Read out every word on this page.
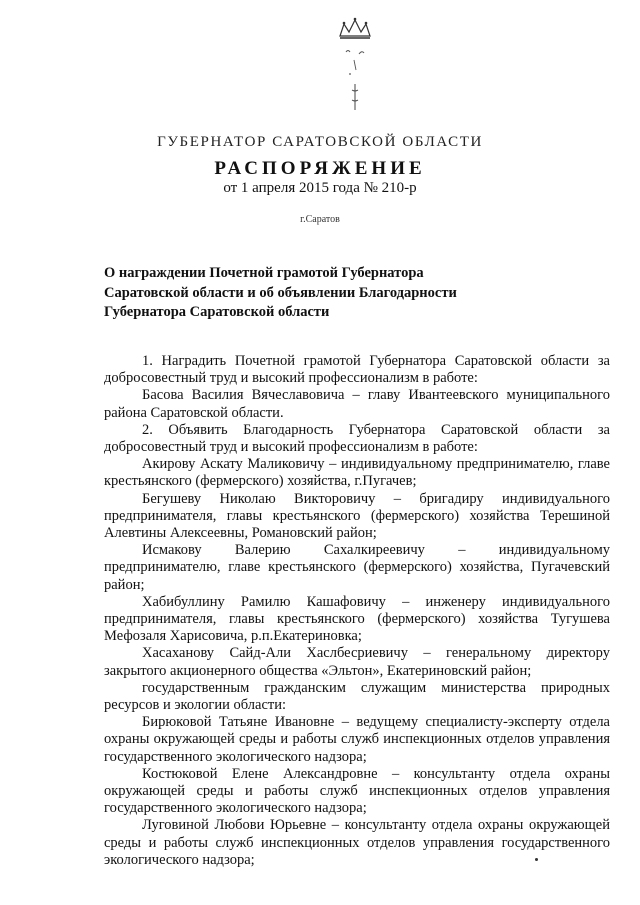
ГУБЕРНАТОР САРАТОВСКОЙ ОБЛАСТИ
РАСПОРЯЖЕНИЕ
от 1 апреля 2015 года № 210-р
г.Саратов
О награждении Почетной грамотой Губернатора
Саратовской области и об объявлении Благодарности
Губернатора Саратовской области

1. Наградить Почетной грамотой Губернатора Саратовской области за добросовестный труд и высокий профессионализм в работе:

Басова Василия Вячеславовича – главу Ивантеевского муниципального района Саратовской области.

2. Объявить Благодарность Губернатора Саратовской области за добросовестный труд и высокий профессионализм в работе:

Акирову Аскату Маликовичу – индивидуальному предпринимателю, главе крестьянского (фермерского) хозяйства, г.Пугачев;

Бегушеву Николаю Викторовичу – бригадиру индивидуального предпринимателя, главы крестьянского (фермерского) хозяйства Терешиной Алевтины Алексеевны, Романовский район;

Исмакову Валерию Сахалкиреевичу – индивидуальному предпринимателю, главе крестьянского (фермерского) хозяйства, Пугачевский район;

Хабибуллину Рамилю Кашафовичу – инженеру индивидуального предпринимателя, главы крестьянского (фермерского) хозяйства Тугушева Мефозаля Харисовича, р.п.Екатериновка;

Хасаханову Сайд-Али Хаслбесриевичу – генеральному директору закрытого акционерного общества «Эльтон», Екатериновский район;

государственным гражданским служащим министерства природных ресурсов и экологии области:

Бирюковой Татьяне Ивановне – ведущему специалисту-эксперту отдела охраны окружающей среды и работы служб инспекционных отделов управления государственного экологического надзора;

Костюковой Елене Александровне – консультанту отдела охраны окружающей среды и работы служб инспекционных отделов управления государственного экологического надзора;

Луговиной Любови Юрьевне – консультанту отдела охраны окружающей среды и работы служб инспекционных отделов управления государственного экологического надзора;
